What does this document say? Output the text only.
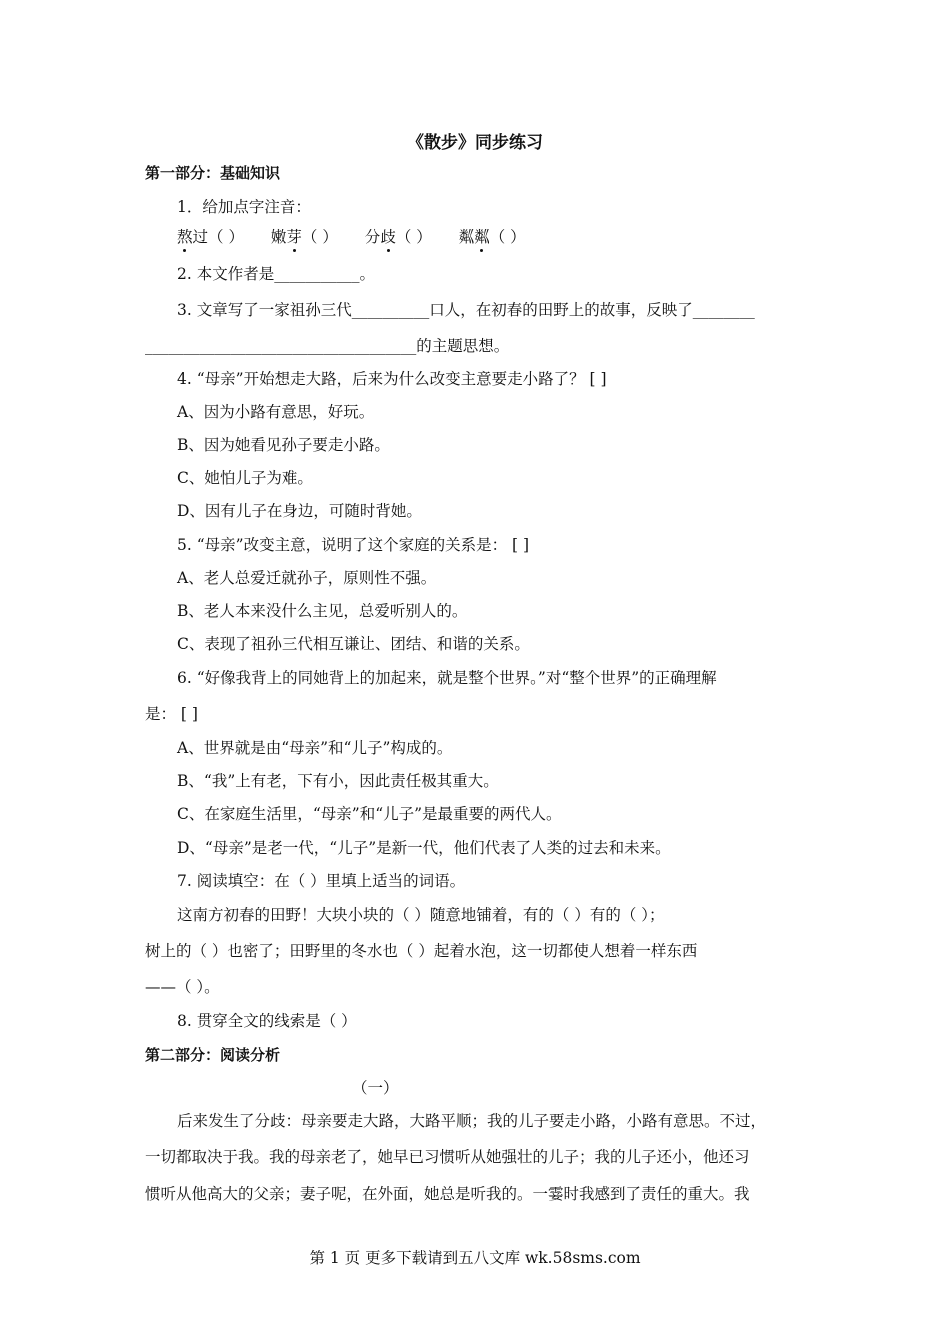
《散步》同步练习
第一部分：基础知识
1．给加点字注音：
熬过（ ） 嫩芽（ ） 分歧（ ） 粼粼（ ）
2. 本文作者是___________。
3. 文章写了一家祖孙三代__________口人，在初春的田野上的故事，反映了________
___________________________________的主题思想。
4. “母亲”开始想走大路，后来为什么改变主意要走小路了？ [ ]
A、因为小路有意思，好玩。
B、因为她看见孙子要走小路。
C、她怕儿子为难。
D、因有儿子在身边，可随时背她。
5. “母亲”改变主意，说明了这个家庭的关系是： [ ]
A、老人总爱迁就孙子，原则性不强。
B、老人本来没什么主见，总爱听别人的。
C、表现了祖孙三代相互谦让、团结、和谐的关系。
6. “好像我背上的同她背上的加起来，就是整个世界。”对“整个世界”的正确理解
是： [ ]
A、世界就是由“母亲”和“儿子”构成的。
B、“我”上有老，下有小，因此责任极其重大。
C、在家庭生活里，“母亲”和“儿子”是最重要的两代人。
D、“母亲”是老一代，“儿子”是新一代，他们代表了人类的过去和未来。
7. 阅读填空：在（ ）里填上适当的词语。
这南方初春的田野！大块小块的（ ）随意地铺着，有的（ ）有的（ ）；
树上的（ ）也密了；田野里的冬水也（ ）起着水泡，这一切都使人想着一样东西
——（ ）。
8. 贯穿全文的线索是（ ）
第二部分：阅读分析
（一）
后来发生了分歧：母亲要走大路，大路平顺；我的儿子要走小路，小路有意思。不过，
一切都取决于我。我的母亲老了，她早已习惯听从她强壮的儿子；我的儿子还小，他还习
惯听从他高大的父亲；妻子呢，在外面，她总是听我的。一霎时我感到了责任的重大。我
第 1 页 更多下载请到五八文库 wk.58sms.com
